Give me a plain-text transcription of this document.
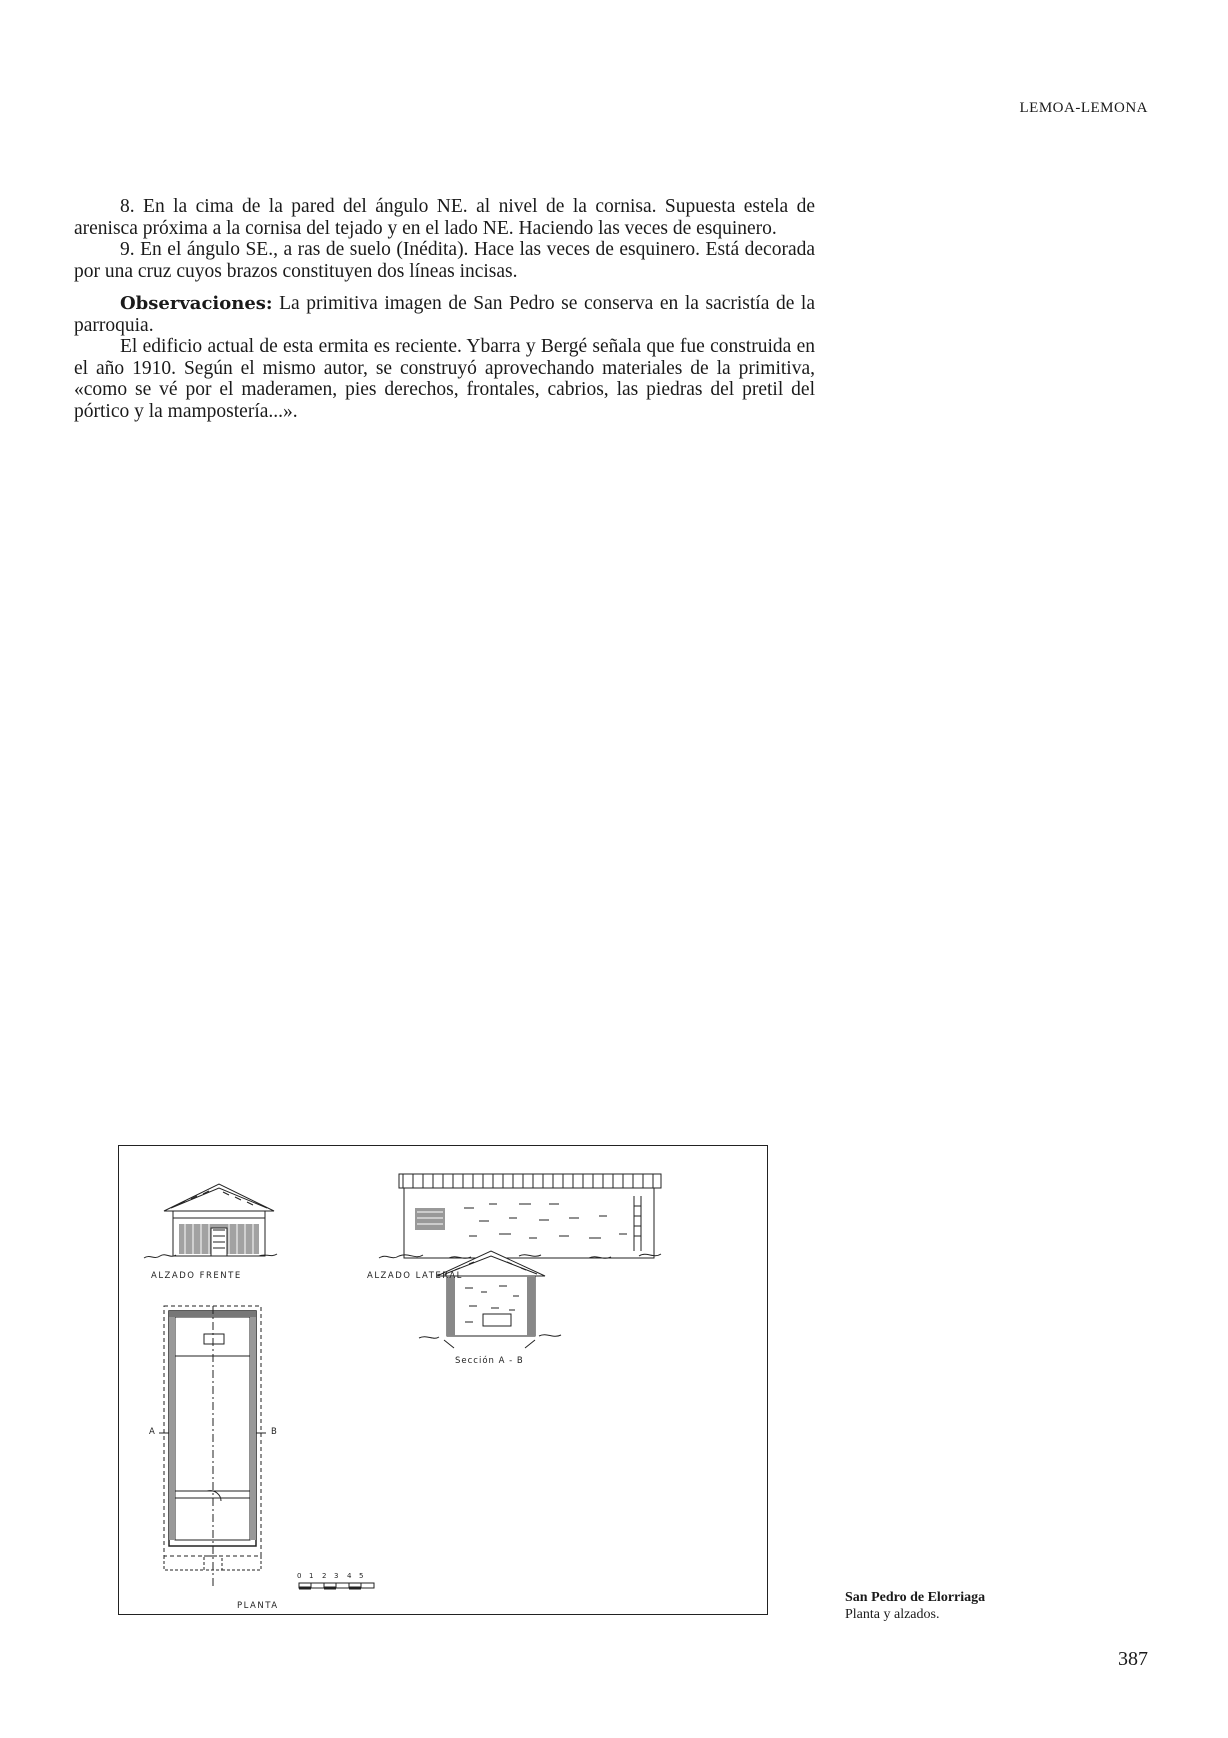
LEMOA-LEMONA

8. En la cima de la pared del ángulo NE. al nivel de la cornisa. Supuesta estela de arenisca próxima a la cornisa del tejado y en el lado NE. Haciendo las veces de esquinero.

9. En el ángulo SE., a ras de suelo (Inédita). Hace las veces de esquinero. Está decorada por una cruz cuyos brazos constituyen dos líneas incisas.

Observaciones: La primitiva imagen de San Pedro se conserva en la sacristía de la parroquia.

El edificio actual de esta ermita es reciente. Ybarra y Bergé señala que fue construida en el año 1910. Según el mismo autor, se construyó aprovechando materiales de la primitiva, «como se vé por el maderamen, pies derechos, frontales, cabrios, las piedras del pretil del pórtico y la mampostería...».

ALZADO FRENTE	ALZADO LATERAL
Sección A - B
PLANTA
A	B
0 1 2 3 4 5
San Pedro de Elorriaga
Planta y alzados.
387
